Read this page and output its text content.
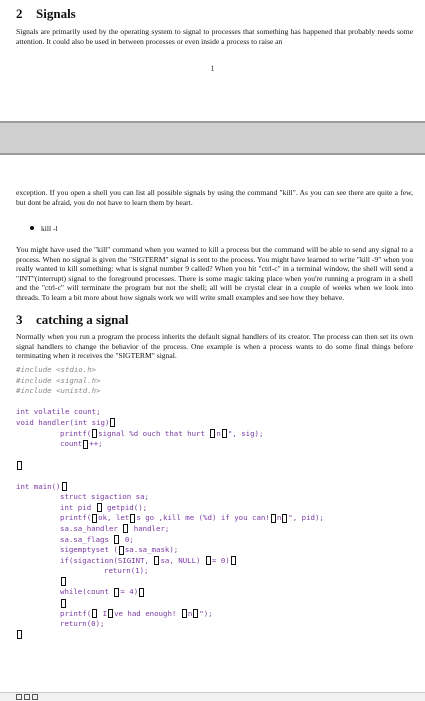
2 Signals
Signals are primarily used by the operating system to signal to processes that something has happened that probably needs some attention. It could also be used in between processes or even inside a process to raise an
1
exception. If you open a shell you can list all possible signals by using the command "kill". As you can see there are quite a few, but dont be afraid, you do not have to learn them by heart.
kill -l
You might have used the "kill" command when you wanted to kill a process but the command will be able to send any signal to a process. When no signal is given the "SIGTERM" signal is sent to the process. You might have learned to write "kill -9" when you really wanted to kill something: what is signal number 9 called? When you hit "ctrl-c" in a terminal window, the shell will send a "INT"(interrupt) signal to the foreground processes. There is some magic taking place when you're running a program in a shell and the "ctrl-c" will terminate the program but not the shell; all will be crystal clear in a couple of weeks when we look into threads. To learn a bit more about how signals work we will write small examples and see how they behave.
3 catching a signal
Normally when you run a program the process inherits the default signal handlers of its creator. The process can then set its own signal handlers to change the behavior of the process. One example is when a process wants to do some final things before terminating when it receives the "SIGTERM" signal.
#include <stdio.h>
#include <signal.h>
#include <unistd.h>
int volatile count;
void handler(int sig)
printf( signal %d ouch that hurt n ", sig);
count ++;
int main()
struct sigaction sa;
int pid  getpid();
printf( ok, let s go ,kill me (%d) if you can! n ", pid);
sa.sa_handler  handler;
sa.sa_flags  0;
sigemptyset ( sa.sa_mask);
if(sigaction(SIGINT, sa, NULL) = 0)
return(1);
while(count = 4)
printf( I ve had enough! n ");
return(0);
